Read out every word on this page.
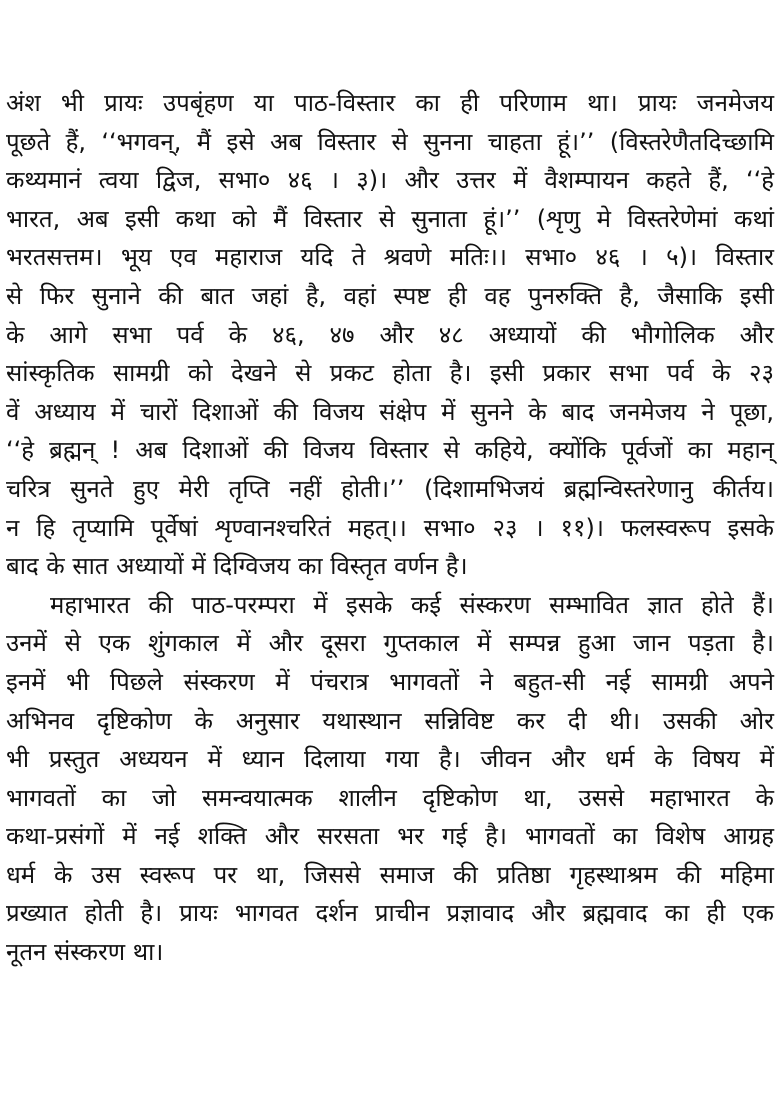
अंश भी प्रायः उपबृंहण या पाठ-विस्तार का ही परिणाम था। प्रायः जनमेजय
पूछते हैं, ‘‘भगवन्, मैं इसे अब विस्तार से सुनना चाहता हूं।’’ (विस्तरेणैतदिच्छामि
कथ्यमानं त्वया द्विज, सभा० ४६ । ३)। और उत्तर में वैशम्पायन कहते हैं, ‘‘हे
भारत, अब इसी कथा को मैं विस्तार से सुनाता हूं।’’ (शृणु मे विस्तरेणेमां कथां
भरतसत्तम। भूय एव महाराज यदि ते श्रवणे मतिः।। सभा० ४६ । ५)। विस्तार
से फिर सुनाने की बात जहां है, वहां स्पष्ट ही वह पुनरुक्ति है, जैसाकि इसी
के आगे सभा पर्व के ४६, ४७ और ४८ अध्यायों की भौगोलिक और
सांस्कृतिक सामग्री को देखने से प्रकट होता है। इसी प्रकार सभा पर्व के २३
वें अध्याय में चारों दिशाओं की विजय संक्षेप में सुनने के बाद जनमेजय ने पूछा,
‘‘हे ब्रह्मन् ! अब दिशाओं की विजय विस्तार से कहिये, क्योंकि पूर्वजों का महान्
चरित्र सुनते हुए मेरी तृप्ति नहीं होती।’’ (दिशामभिजयं ब्रह्मन्विस्तरेणानु कीर्तय।
न हि तृप्यामि पूर्वेषां शृण्वानश्चरितं महत्।। सभा० २३ । ११)। फलस्वरूप इसके
बाद के सात अध्यायों में दिग्विजय का विस्तृत वर्णन है।
महाभारत की पाठ-परम्परा में इसके कई संस्करण सम्भावित ज्ञात होते हैं।
उनमें से एक शुंगकाल में और दूसरा गुप्तकाल में सम्पन्न हुआ जान पड़ता है।
इनमें भी पिछले संस्करण में पंचरात्र भागवतों ने बहुत-सी नई सामग्री अपने
अभिनव दृष्टिकोण के अनुसार यथास्थान सन्निविष्ट कर दी थी। उसकी ओर
भी प्रस्तुत अध्ययन में ध्यान दिलाया गया है। जीवन और धर्म के विषय में
भागवतों का जो समन्वयात्मक शालीन दृष्टिकोण था, उससे महाभारत के
कथा-प्रसंगों में नई शक्ति और सरसता भर गई है। भागवतों का विशेष आग्रह
धर्म के उस स्वरूप पर था, जिससे समाज की प्रतिष्ठा गृहस्थाश्रम की महिमा
प्रख्यात होती है। प्रायः भागवत दर्शन प्राचीन प्रज्ञावाद और ब्रह्मवाद का ही एक
नूतन संस्करण था।
